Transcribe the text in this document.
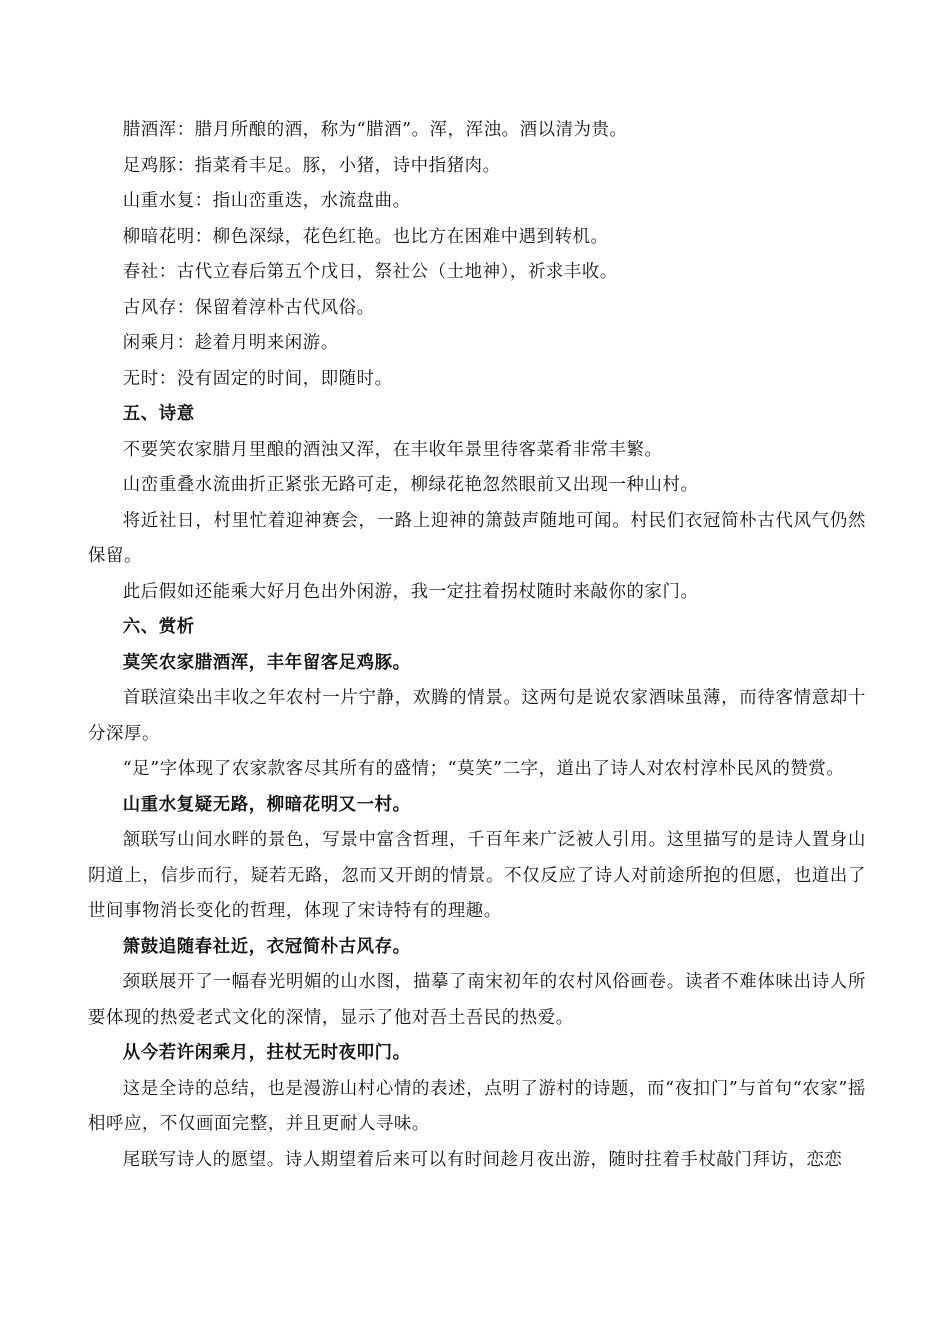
腊酒浑：腊月所酿的酒，称为“腊酒”。浑，浑浊。酒以清为贵。

足鸡豚：指菜肴丰足。豚，小猪，诗中指猪肉。

山重水复：指山峦重迭，水流盘曲。

柳暗花明：柳色深绿，花色红艳。也比方在困难中遇到转机。

春社：古代立春后第五个戊日，祭社公（土地神），祈求丰收。

古风存：保留着淳朴古代风俗。

闲乘月：趁着月明来闲游。

无时：没有固定的时间，即随时。

五、诗意

不要笑农家腊月里酿的酒浊又浑，在丰收年景里待客菜肴非常丰繁。

山峦重叠水流曲折正紧张无路可走，柳绿花艳忽然眼前又出现一种山村。

将近社日，村里忙着迎神赛会，一路上迎神的箫鼓声随地可闻。村民们衣冠简朴古代风气仍然保留。

此后假如还能乘大好月色出外闲游，我一定拄着拐杖随时来敲你的家门。

六、赏析

莫笑农家腊酒浑，丰年留客足鸡豚。

首联渲染出丰收之年农村一片宁静，欢腾的情景。这两句是说农家酒味虽薄，而待客情意却十分深厚。

“足”字体现了农家款客尽其所有的盛情；“莫笑”二字，道出了诗人对农村淳朴民风的赞赏。

山重水复疑无路，柳暗花明又一村。

颔联写山间水畔的景色，写景中富含哲理，千百年来广泛被人引用。这里描写的是诗人置身山阴道上，信步而行，疑若无路，忽而又开朗的情景。不仅反应了诗人对前途所抱的但愿，也道出了世间事物消长变化的哲理，体现了宋诗特有的理趣。

箫鼓追随春社近，衣冠简朴古风存。

颈联展开了一幅春光明媚的山水图，描摹了南宋初年的农村风俗画卷。读者不难体味出诗人所要体现的热爱老式文化的深情，显示了他对吾土吾民的热爱。

从今若许闲乘月，拄杖无时夜叩门。

这是全诗的总结，也是漫游山村心情的表述，点明了游村的诗题，而“夜扣门”与首句“农家”摇相呼应，不仅画面完整，并且更耐人寻味。

尾联写诗人的愿望。诗人期望着后来可以有时间趁月夜出游，随时拄着手杖敲门拜访，恋恋
